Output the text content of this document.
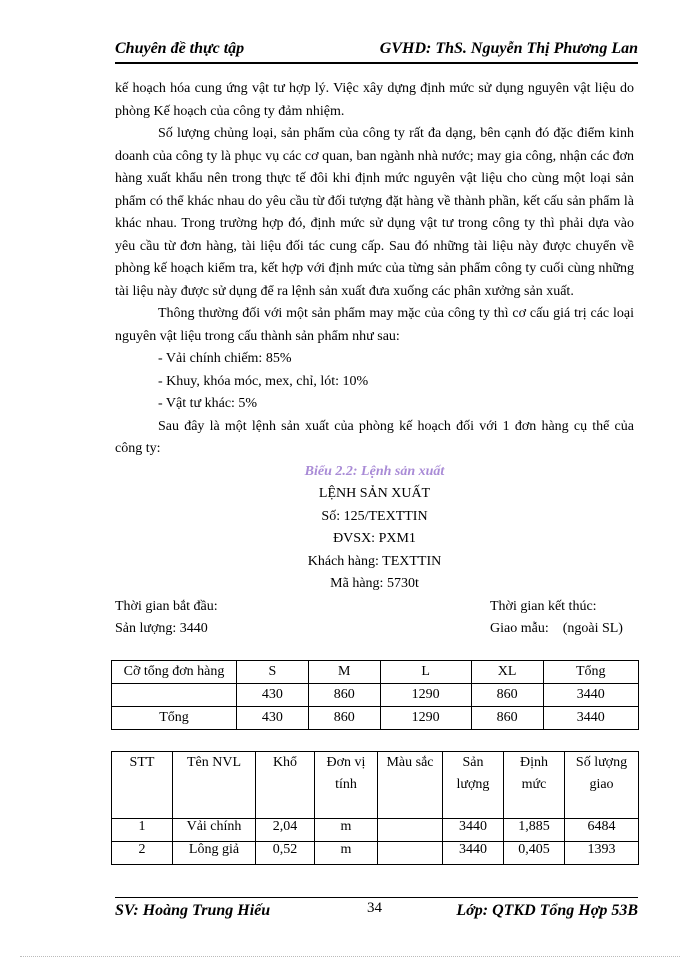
Chuyên đề thực tập	GVHD: ThS. Nguyễn Thị Phương Lan

kế hoạch hóa cung ứng vật tư hợp lý. Việc xây dựng định mức sử dụng nguyên vật liệu do phòng Kế hoạch của công ty đảm nhiệm.

Số lượng chủng loại, sản phẩm của công ty rất đa dạng, bên cạnh đó đặc điểm kinh doanh của công ty là phục vụ các cơ quan, ban ngành nhà nước; may gia công, nhận các đơn hàng xuất khẩu nên trong thực tế đôi khi định mức nguyên vật liệu cho cùng một loại sản phẩm có thể khác nhau do yêu cầu từ đối tượng đặt hàng về thành phần, kết cấu sản phẩm là khác nhau. Trong trường hợp đó, định mức sử dụng vật tư trong công ty thì phải dựa vào yêu cầu từ đơn hàng, tài liệu đối tác cung cấp. Sau đó những tài liệu này được chuyển về phòng kế hoạch kiểm tra, kết hợp với định mức của từng sản phẩm công ty cuối cùng những tài liệu này được sử dụng để ra lệnh sản xuất đưa xuống các phân xưởng sản xuất.

Thông thường đối với một sản phẩm may mặc của công ty thì cơ cấu giá trị các loại nguyên vật liệu trong cấu thành sản phẩm như sau:

- Vải chính chiếm: 85%

- Khuy, khóa móc, mex, chỉ, lót: 10%

- Vật tư khác: 5%

Sau đây là một lệnh sản xuất của phòng kế hoạch đối với 1 đơn hàng cụ thể của công ty:

Biểu 2.2: Lệnh sản xuất
LỆNH SẢN XUẤT
Số: 125/TEXTTIN
ĐVSX: PXM1
Khách hàng: TEXTTIN
Mã hàng: 5730t
Thời gian bắt đầu:	Thời gian kết thúc:
Sản lượng: 3440	Giao mẫu:    (ngoài SL)
Cỡ tổng đơn hàng	S	M	L	XL	Tổng
	430	860	1290	860	3440
Tổng	430	860	1290	860	3440
STT	Tên NVL	Khổ	Đơn vị tính	Màu sắc	Sản lượng	Định mức	Số lượng giao
1	Vải chính	2,04	m		3440	1,885	6484
2	Lông giả	0,52	m		3440	0,405	1393
SV: Hoàng Trung Hiếu	34	Lớp: QTKD Tổng Hợp 53B
